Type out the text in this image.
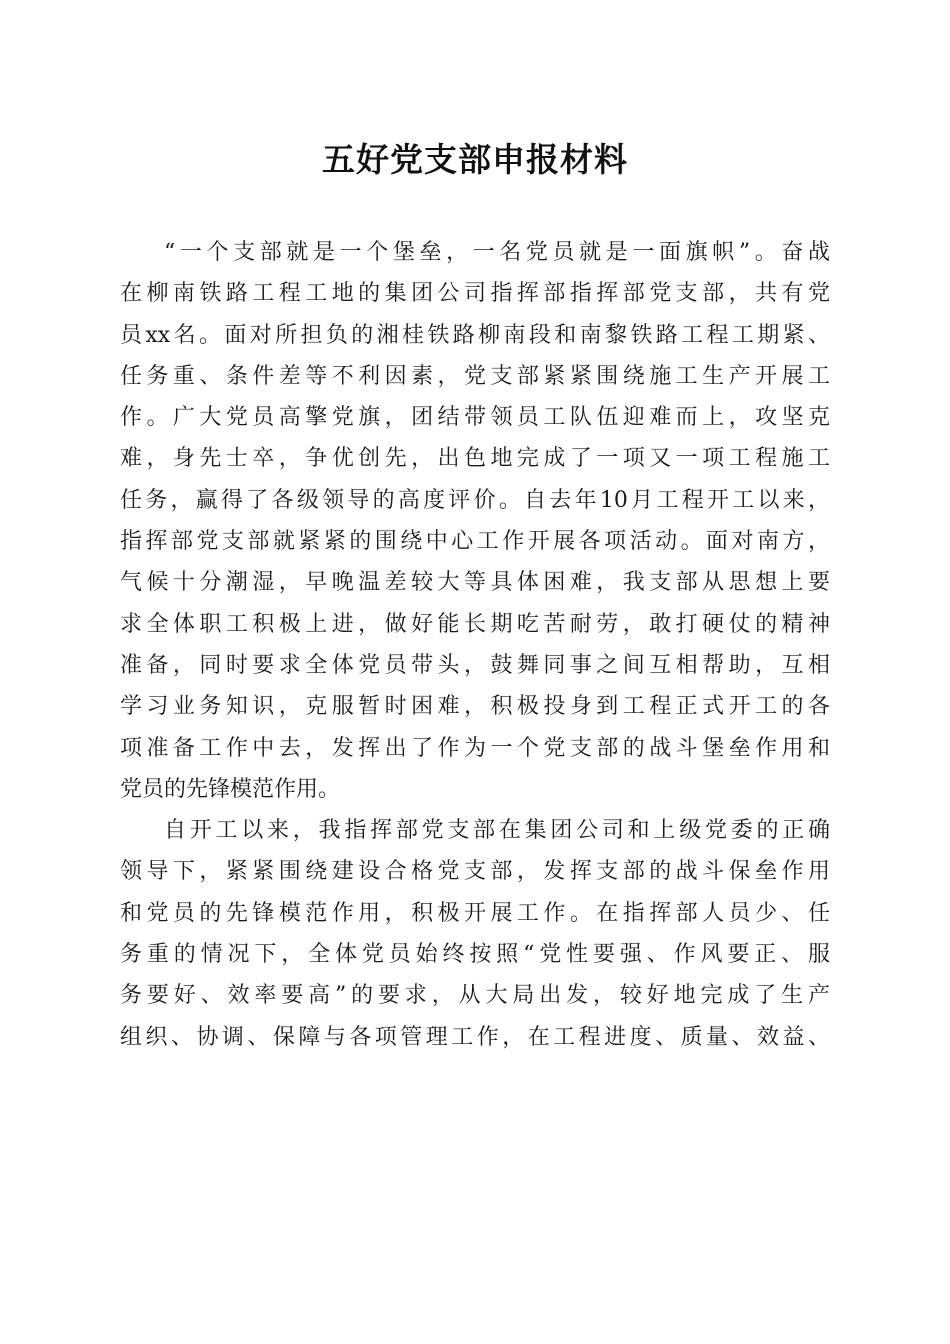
五好党支部申报材料
“一个支部就是一个堡垒，一名党员就是一面旗帜”。奋战
在柳南铁路工程工地的集团公司指挥部指挥部党支部，共有党
员xx名。面对所担负的湘桂铁路柳南段和南黎铁路工程工期紧、
任务重、条件差等不利因素，党支部紧紧围绕施工生产开展工
作。广大党员高擎党旗，团结带领员工队伍迎难而上，攻坚克
难，身先士卒，争优创先，出色地完成了一项又一项工程施工
任务，赢得了各级领导的高度评价。自去年10月工程开工以来，
指挥部党支部就紧紧的围绕中心工作开展各项活动。面对南方，
气候十分潮湿，早晚温差较大等具体困难，我支部从思想上要
求全体职工积极上进，做好能长期吃苦耐劳，敢打硬仗的精神
准备，同时要求全体党员带头，鼓舞同事之间互相帮助，互相
学习业务知识，克服暂时困难，积极投身到工程正式开工的各
项准备工作中去，发挥出了作为一个党支部的战斗堡垒作用和
党员的先锋模范作用。
自开工以来，我指挥部党支部在集团公司和上级党委的正确
领导下，紧紧围绕建设合格党支部，发挥支部的战斗保垒作用
和党员的先锋模范作用，积极开展工作。在指挥部人员少、任
务重的情况下，全体党员始终按照“党性要强、作风要正、服
务要好、效率要高”的要求，从大局出发，较好地完成了生产
组织、协调、保障与各项管理工作，在工程进度、质量、效益、
